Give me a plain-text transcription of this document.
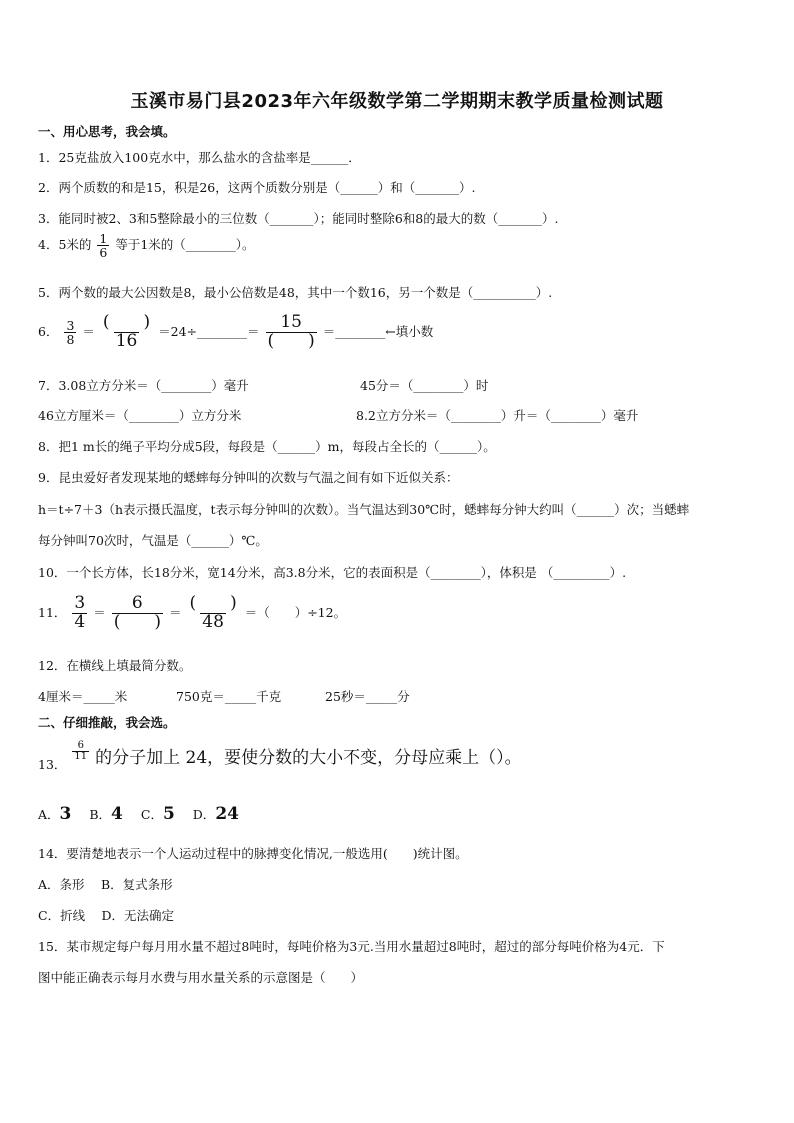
玉溪市易门县2023年六年级数学第二学期期末教学质量检测试题
一、用心思考，我会填。
1．25克盐放入100克水中，那么盐水的含盐率是______．
2．两个质数的和是15，积是26，这两个质数分别是（______）和（_______）.
3．能同时被2、3和5整除最小的三位数（_______）；能同时整除6和8的最大的数（_______）.
4．5米的 $\frac{1}{6}$ 等于1米的（________）。
5．两个数的最大公因数是8，最小公倍数是48，其中一个数16，另一个数是（__________）.
6． $\frac{3}{8} = \frac{( )}{16}$ ＝24÷________＝ $\frac{15}{( )}$ ＝________←填小数
7．3.08立方分米＝（________）毫升	45分＝（________）时
46立方厘米＝（________）立方分米	8.2立方分米＝（________）升＝（________）毫升
8．把1 m长的绳子平均分成5段，每段是（______）m，每段占全长的（______）。
9．昆虫爱好者发现某地的蟋蟀每分钟叫的次数与气温之间有如下近似关系：
h＝t÷7＋3（h表示摄氏温度，t表示每分钟叫的次数）。当气温达到30℃时，蟋蟀每分钟大约叫（______）次；当蟋蟀
每分钟叫70次时，气温是（______）℃。
10．一个长方体，长18分米，宽14分米，高3.8分米，它的表面积是（________），体积是 （_________）.
11． $\frac{3}{4} = \frac{6}{( )} = \frac{( )}{48}$ ＝（　　）÷12。
12．在横线上填最简分数。
4厘米＝_____米	750克＝_____千克	25秒＝_____分
二、仔细推敲，我会选。
13．
$\frac{6}{11}$ 的分子加上 24，要使分数的大小不变，分母应乘上（）。
A．3 B．4 C．5 D．24
14．要清楚地表示一个人运动过程中的脉搏变化情况,一般选用(　　)统计图。
A．条形　 B．复式条形
C．折线　 D．无法确定
15．某市规定每户每月用水量不超过8吨时，每吨价格为3元.当用水量超过8吨时，超过的部分每吨价格为4元．下
图中能正确表示每月水费与用水量关系的示意图是（　　）
